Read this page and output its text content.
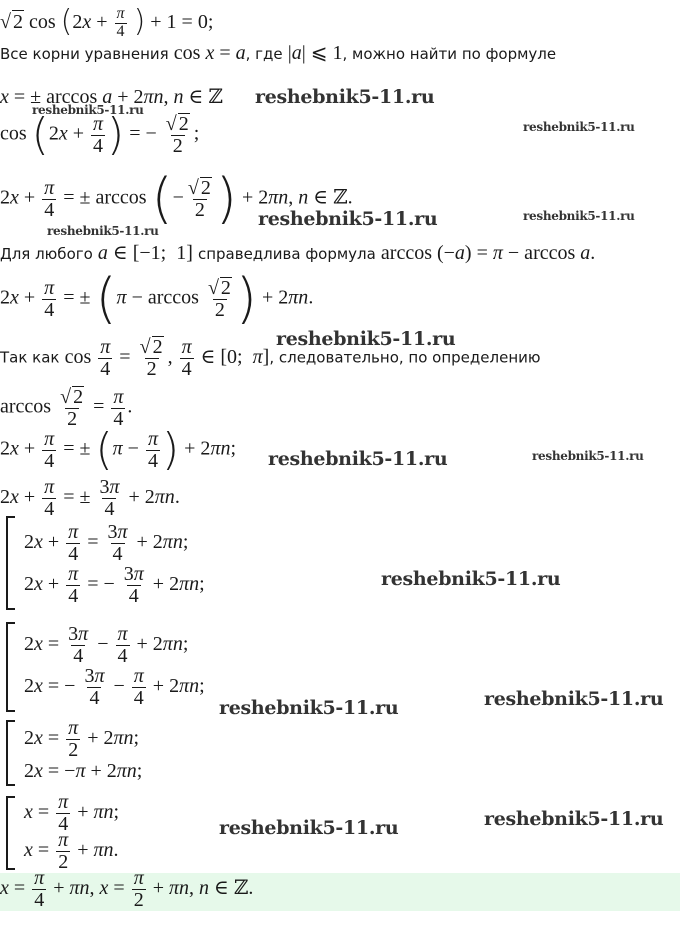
reshebnik5-11.ru
reshebnik5-11.ru
reshebnik5-11.ru
reshebnik5-11.ru	reshebnik5-11.ru
reshebnik5-11.ru
reshebnik5-11.ru
reshebnik5-11.ru	reshebnik5-11.ru
reshebnik5-11.ru
reshebnik5-11.ru
reshebnik5-11.ru
reshebnik5-11.ru
reshebnik5-11.ru
√ 2 $\cos (2x + \frac{\pi}{4}$ ) + 1 = 0;
Все корни уравнения cos x = a, где |a| ⩽ 1, можно найти по формуле
x = ± arccos a + 2πn, n ∈ ℤ
$\cos (2x + \frac{\pi}{4}$ ) = − $\frac{√ 2}{2}$ ;
$2x + \frac{\pi}{4}$ = ± arccos (− $\frac{√ 2}{2}$ ) + 2πn, n ∈ ℤ.
Для любого a ∈ [−1;  1] справедлива формула arccos (−a) = π − arccos a.
$2x + \frac{\pi}{4}$ = ± ($\pi - \arccos \frac{√ 2}{2}$ ) + 2πn.
Так как $\cos \frac{\pi}{4} = \frac{√ 2}{2}$ , $\frac{\pi}{4}$ ∈ [0;  π], следовательно, по определению
$\arccos \frac{√ 2}{2} = \frac{\pi}{4}$ .
$2x + \frac{\pi}{4}$ = ± ($\pi - \frac{\pi}{4}$ ) + 2πn;
$2x + \frac{\pi}{4}$ = ± $\frac{3\pi}{4} + 2\pi n$.
$2x + \frac{\pi}{4} = \frac{3\pi}{4} + 2\pi n$;
$2x + \frac{\pi}{4}$ = − $\frac{3\pi}{4} + 2\pi n$;
$2x = \frac{3\pi}{4} - \frac{\pi}{4} + 2\pi n$;
2x = − $\frac{3\pi}{4} - \frac{\pi}{4} + 2\pi n$;
$2x = \frac{\pi}{2} + 2\pi n$;
2x = −π + 2πn;
$x = \frac{\pi}{4} + \pi n$;
$x = \frac{\pi}{2} + \pi n$.
$x = \frac{\pi}{4} + \pi n$, $x = \frac{\pi}{2} + \pi n$, n ∈ ℤ.
